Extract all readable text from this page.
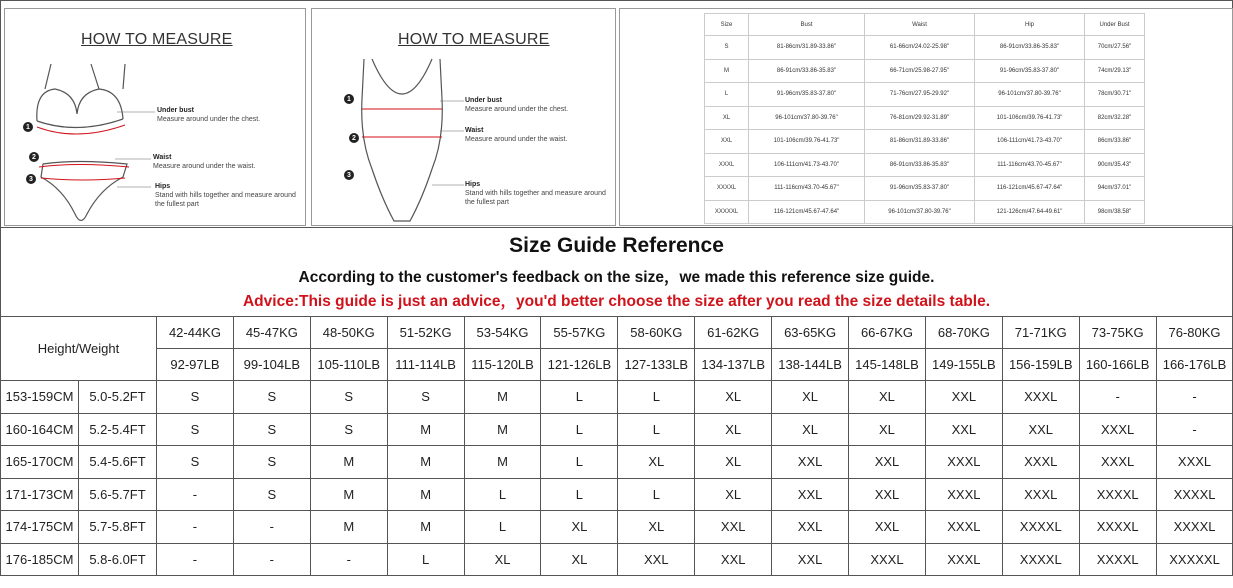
HOW TO MEASURE
1
2
3
Under bust
Measure around under the chest.
Waist
Measure around under the waist.
Hips
Stand with hills together and measure around the fullest part
HOW TO MEASURE
1
2
3
Under bust
Measure around under the chest.
Waist
Measure around under the waist.
Hips
Stand with hills together and measure around the fullest part
Size	Bust	Waist	Hip	Under Bust
S	81-86cm/31.89-33.86"	61-66cm/24.02-25.98"	86-91cm/33.86-35.83"	70cm/27.56"
M	86-91cm/33.86-35.83"	66-71cm/25.98-27.95"	91-96cm/35.83-37.80"	74cm/29.13"
L	91-96cm/35.83-37.80"	71-76cm/27.95-29.92"	96-101cm/37.80-39.76"	78cm/30.71"
XL	96-101cm/37.80-39.76"	76-81cm/29.92-31.89"	101-106cm/39.76-41.73"	82cm/32.28"
XXL	101-106cm/39.76-41.73"	81-86cm/31.89-33.86"	106-111cm/41.73-43.70"	86cm/33.86"
XXXL	106-111cm/41.73-43.70"	86-91cm/33.86-35.83"	111-116cm/43.70-45.67"	90cm/35.43"
XXXXL	111-116cm/43.70-45.67"	91-96cm/35.83-37.80"	116-121cm/45.67-47.64"	94cm/37.01"
XXXXXL	116-121cm/45.67-47.64"	96-101cm/37.80-39.76"	121-126cm/47.64-49.61"	98cm/38.58"
Size Guide Reference
According to the customer's feedback on the size，we made this reference size guide.
Advice:This guide is just an advice，you'd better choose the size after you read the size details table.
Height/Weight		42-44KG	45-47KG	48-50KG	51-52KG	53-54KG	55-57KG	58-60KG	61-62KG	63-65KG	66-67KG	68-70KG	71-71KG	73-75KG	76-80KG
		92-97LB	99-104LB	105-110LB	111-114LB	115-120LB	121-126LB	127-133LB	134-137LB	138-144LB	145-148LB	149-155LB	156-159LB	160-166LB	166-176LB
153-159CM	5.0-5.2FT	S	S	S	S	M	L	L	XL	XL	XL	XXL	XXXL	-	-
160-164CM	5.2-5.4FT	S	S	S	M	M	L	L	XL	XL	XL	XXL	XXL	XXXL	-
165-170CM	5.4-5.6FT	S	S	M	M	M	L	XL	XL	XXL	XXL	XXXL	XXXL	XXXL	XXXL
171-173CM	5.6-5.7FT	-	S	M	M	L	L	L	XL	XXL	XXL	XXXL	XXXL	XXXXL	XXXXL
174-175CM	5.7-5.8FT	-	-	M	M	L	XL	XL	XXL	XXL	XXL	XXXL	XXXXL	XXXXL	XXXXL
176-185CM	5.8-6.0FT	-	-	-	L	XL	XL	XXL	XXL	XXL	XXXL	XXXL	XXXXL	XXXXL	XXXXXL
